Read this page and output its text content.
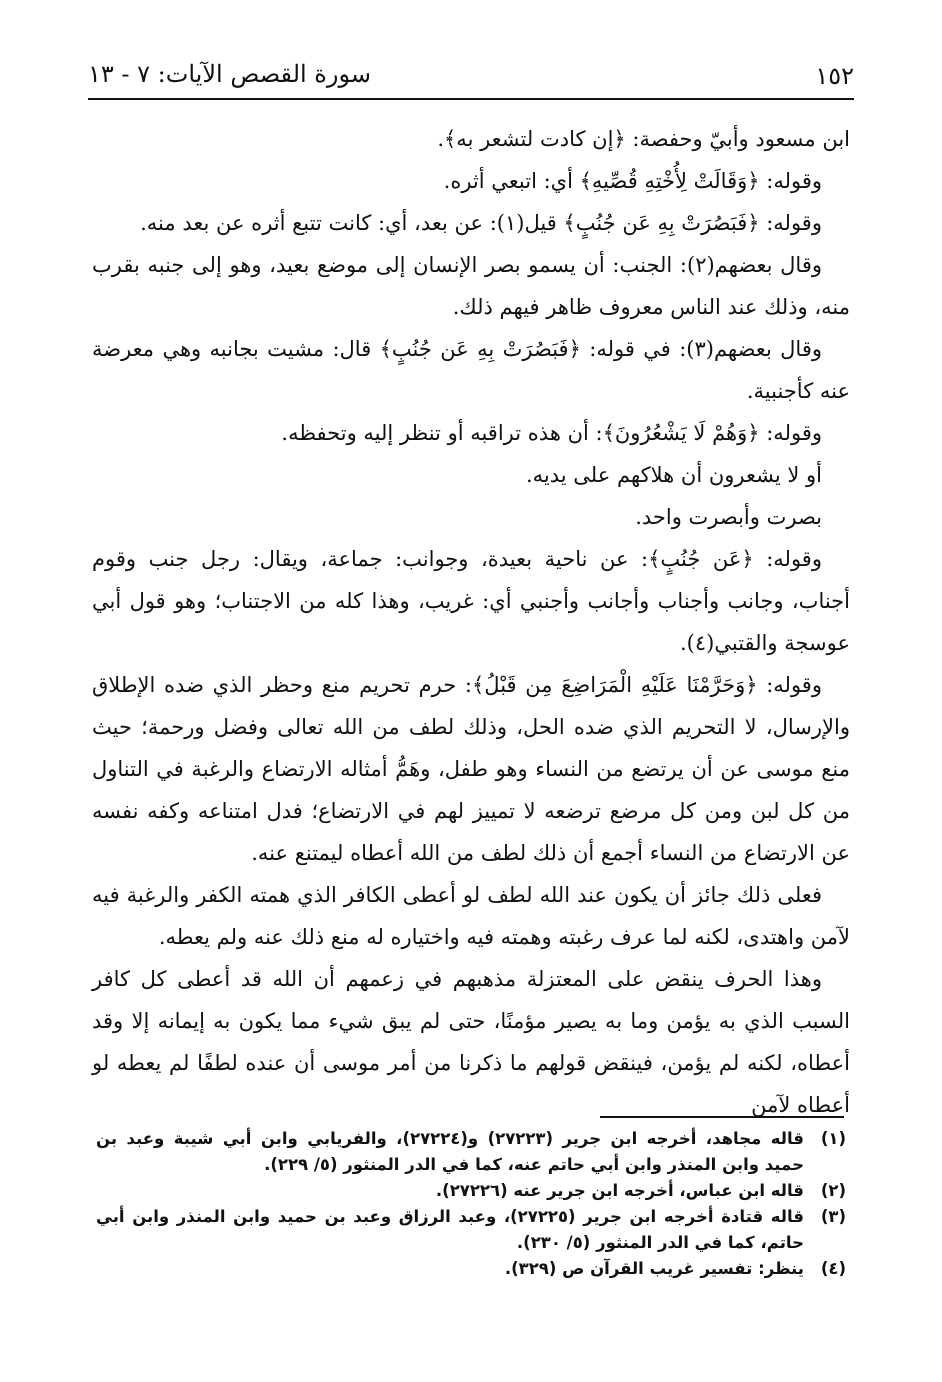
١٥٢
سورة القصص الآيات: ٧ - ١٣

ابن مسعود وأبيّ وحفصة: ﴿إن كادت لتشعر به﴾.

وقوله: ﴿وَقَالَتْ لِأُخْتِهِ قُصِّيهِ﴾ أي: اتبعي أثره.

وقوله: ﴿فَبَصُرَتْ بِهِ عَن جُنُبٍ﴾ قيل(١): عن بعد، أي: كانت تتبع أثره عن بعد منه.

وقال بعضهم(٢): الجنب: أن يسمو بصر الإنسان إلى موضع بعيد، وهو إلى جنبه بقرب منه، وذلك عند الناس معروف ظاهر فيهم ذلك.

وقال بعضهم(٣): في قوله: ﴿فَبَصُرَتْ بِهِ عَن جُنُبٍ﴾ قال: مشيت بجانبه وهي معرضة عنه كأجنبية.

وقوله: ﴿وَهُمْ لَا يَشْعُرُونَ﴾: أن هذه تراقبه أو تنظر إليه وتحفظه.

أو لا يشعرون أن هلاكهم على يديه.

بصرت وأبصرت واحد.

وقوله: ﴿عَن جُنُبٍ﴾: عن ناحية بعيدة، وجوانب: جماعة، ويقال: رجل جنب وقوم أجناب، وجانب وأجناب وأجانب وأجنبي أي: غريب، وهذا كله من الاجتناب؛ وهو قول أبي عوسجة والقتبي(٤).

وقوله: ﴿وَحَرَّمْنَا عَلَيْهِ الْمَرَاضِعَ مِن قَبْلُ﴾: حرم تحريم منع وحظر الذي ضده الإطلاق والإرسال، لا التحريم الذي ضده الحل، وذلك لطف من الله تعالى وفضل ورحمة؛ حيث منع موسى عن أن يرتضع من النساء وهو طفل، وهَمُّ أمثاله الارتضاع والرغبة في التناول من كل لبن ومن كل مرضع ترضعه لا تمييز لهم في الارتضاع؛ فدل امتناعه وكفه نفسه عن الارتضاع من النساء أجمع أن ذلك لطف من الله أعطاه ليمتنع عنه.

فعلى ذلك جائز أن يكون عند الله لطف لو أعطى الكافر الذي همته الكفر والرغبة فيه لآمن واهتدى، لكنه لما عرف رغبته وهمته فيه واختياره له منع ذلك عنه ولم يعطه.

وهذا الحرف ينقض على المعتزلة مذهبهم في زعمهم أن الله قد أعطى كل كافر السبب الذي به يؤمن وما به يصير مؤمنًا، حتى لم يبق شيء مما يكون به إيمانه إلا وقد أعطاه، لكنه لم يؤمن، فينقض قولهم ما ذكرنا من أمر موسى أن عنده لطفًا لم يعطه لو أعطاه لآمن

(١)
قاله مجاهد، أخرجه ابن جرير (٢٧٢٢٣) و(٢٧٢٢٤)، والفريابي وابن أبي شيبة وعبد بن حميد وابن المنذر وابن أبي حاتم عنه، كما في الدر المنثور (٥/ ٢٢٩).
(٢)
قاله ابن عباس، أخرجه ابن جرير عنه (٢٧٢٢٦).
(٣)
قاله قتادة أخرجه ابن جرير (٢٧٢٢٥)، وعبد الرزاق وعبد بن حميد وابن المنذر وابن أبي حاتم، كما في الدر المنثور (٥/ ٢٣٠).
(٤)
ينظر: تفسير غريب القرآن ص (٣٢٩).
